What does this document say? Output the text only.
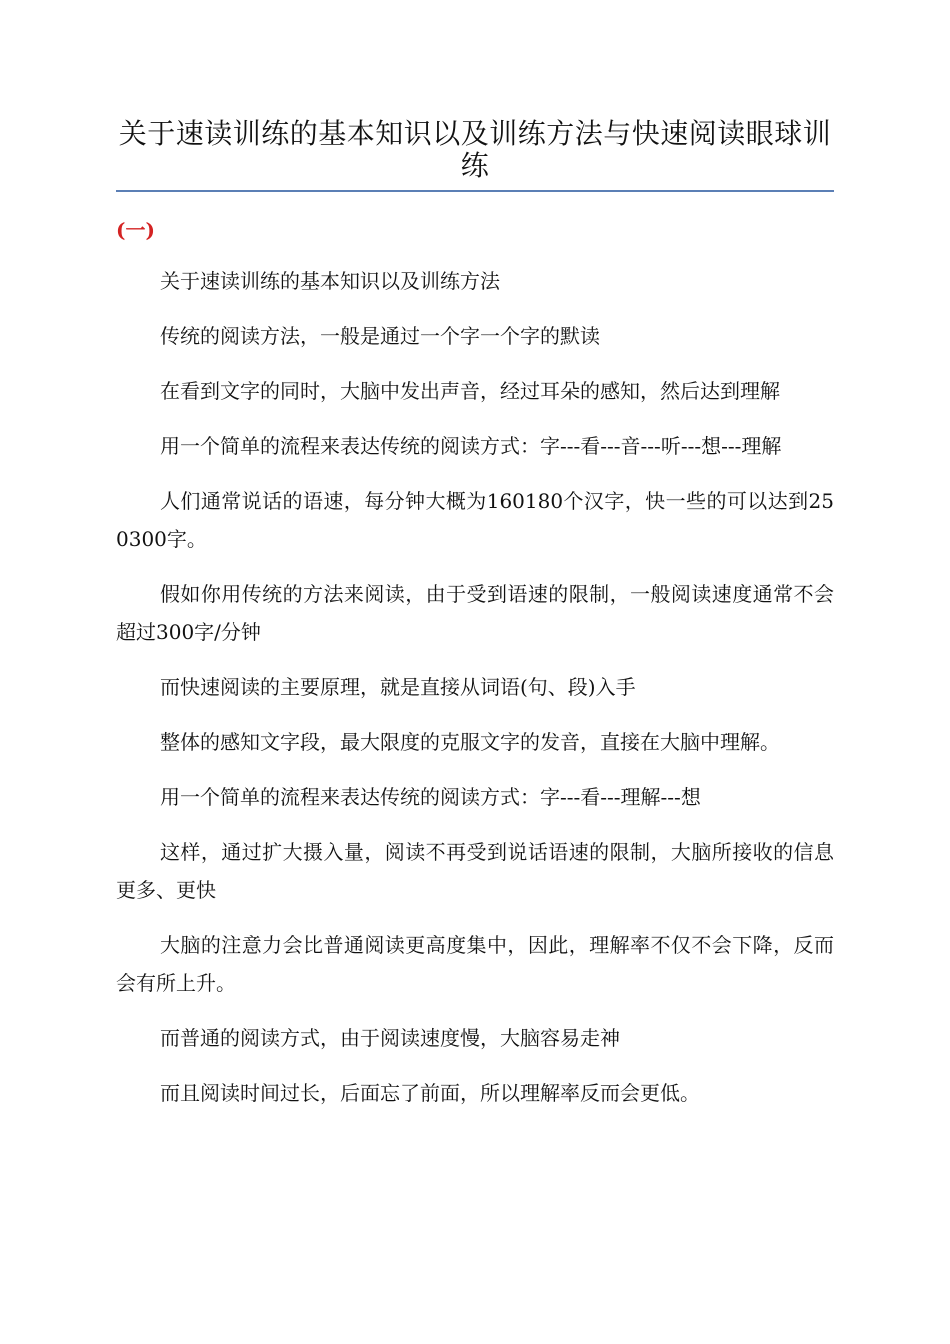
关于速读训练的基本知识以及训练方法与快速阅读眼球训练
(一)

关于速读训练的基本知识以及训练方法

传统的阅读方法，一般是通过一个字一个字的默读

在看到文字的同时，大脑中发出声音，经过耳朵的感知，然后达到理解

用一个简单的流程来表达传统的阅读方式：字---看---音---听---想---理解

人们通常说话的语速，每分钟大概为160180个汉字，快一些的可以达到250300字。

假如你用传统的方法来阅读，由于受到语速的限制，一般阅读速度通常不会超过300字/分钟

而快速阅读的主要原理，就是直接从词语(句、段)入手

整体的感知文字段，最大限度的克服文字的发音，直接在大脑中理解。

用一个简单的流程来表达传统的阅读方式：字---看---理解---想

这样，通过扩大摄入量，阅读不再受到说话语速的限制，大脑所接收的信息更多、更快

大脑的注意力会比普通阅读更高度集中，因此，理解率不仅不会下降，反而会有所上升。

而普通的阅读方式，由于阅读速度慢，大脑容易走神

而且阅读时间过长，后面忘了前面，所以理解率反而会更低。
